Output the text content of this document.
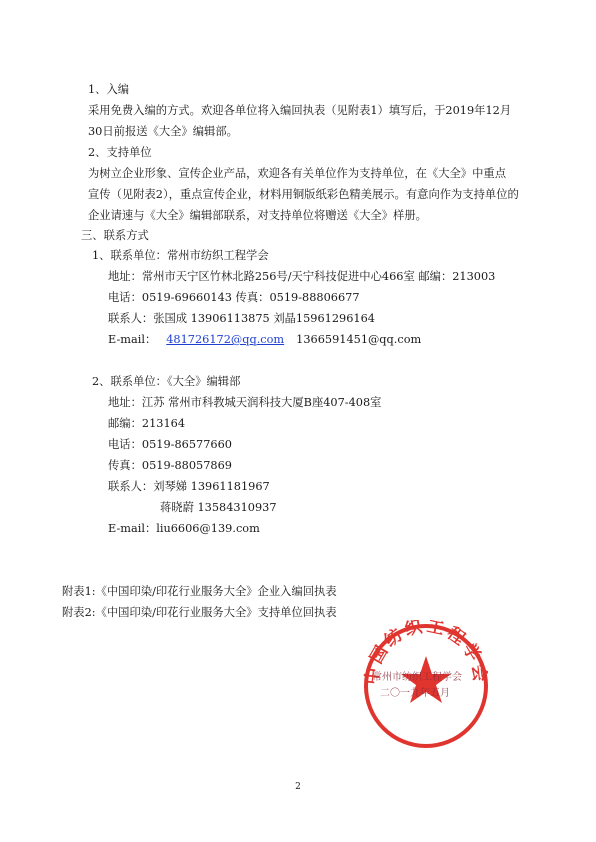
1、入编
采用免费入编的方式。欢迎各单位将入编回执表（见附表1）填写后，于2019年12月
30日前报送《大全》编辑部。
2、支持单位
为树立企业形象、宣传企业产品，欢迎各有关单位作为支持单位，在《大全》中重点
宣传（见附表2），重点宣传企业，材料用铜版纸彩色精美展示。有意向作为支持单位的
企业请速与《大全》编辑部联系，对支持单位将赠送《大全》样册。
三、联系方式
1、联系单位：常州市纺织工程学会
地址：常州市天宁区竹林北路256号/天宁科技促进中心466室 邮编：213003
电话：0519-69660143 传真：0519-88806677
联系人：张国成 13906113875 刘晶15961296164
E-mail： 481726172@qq.com 1366591451@qq.com
2、联系单位：《大全》编辑部
地址：江苏 常州市科教城天润科技大厦B座407-408室
邮编：213164
电话：0519-86577660
传真：0519-88057869
联系人：刘琴娣 13961181967
蒋晓蔚 13584310937
E-mail：liu6606@139.com
附表1:《中国印染/印花行业服务大全》企业入编回执表
附表2:《中国印染/印花行业服务大全》支持单位回执表
中国纺织工程学会
常州市纺织工程学会
二〇一九年五月
2
